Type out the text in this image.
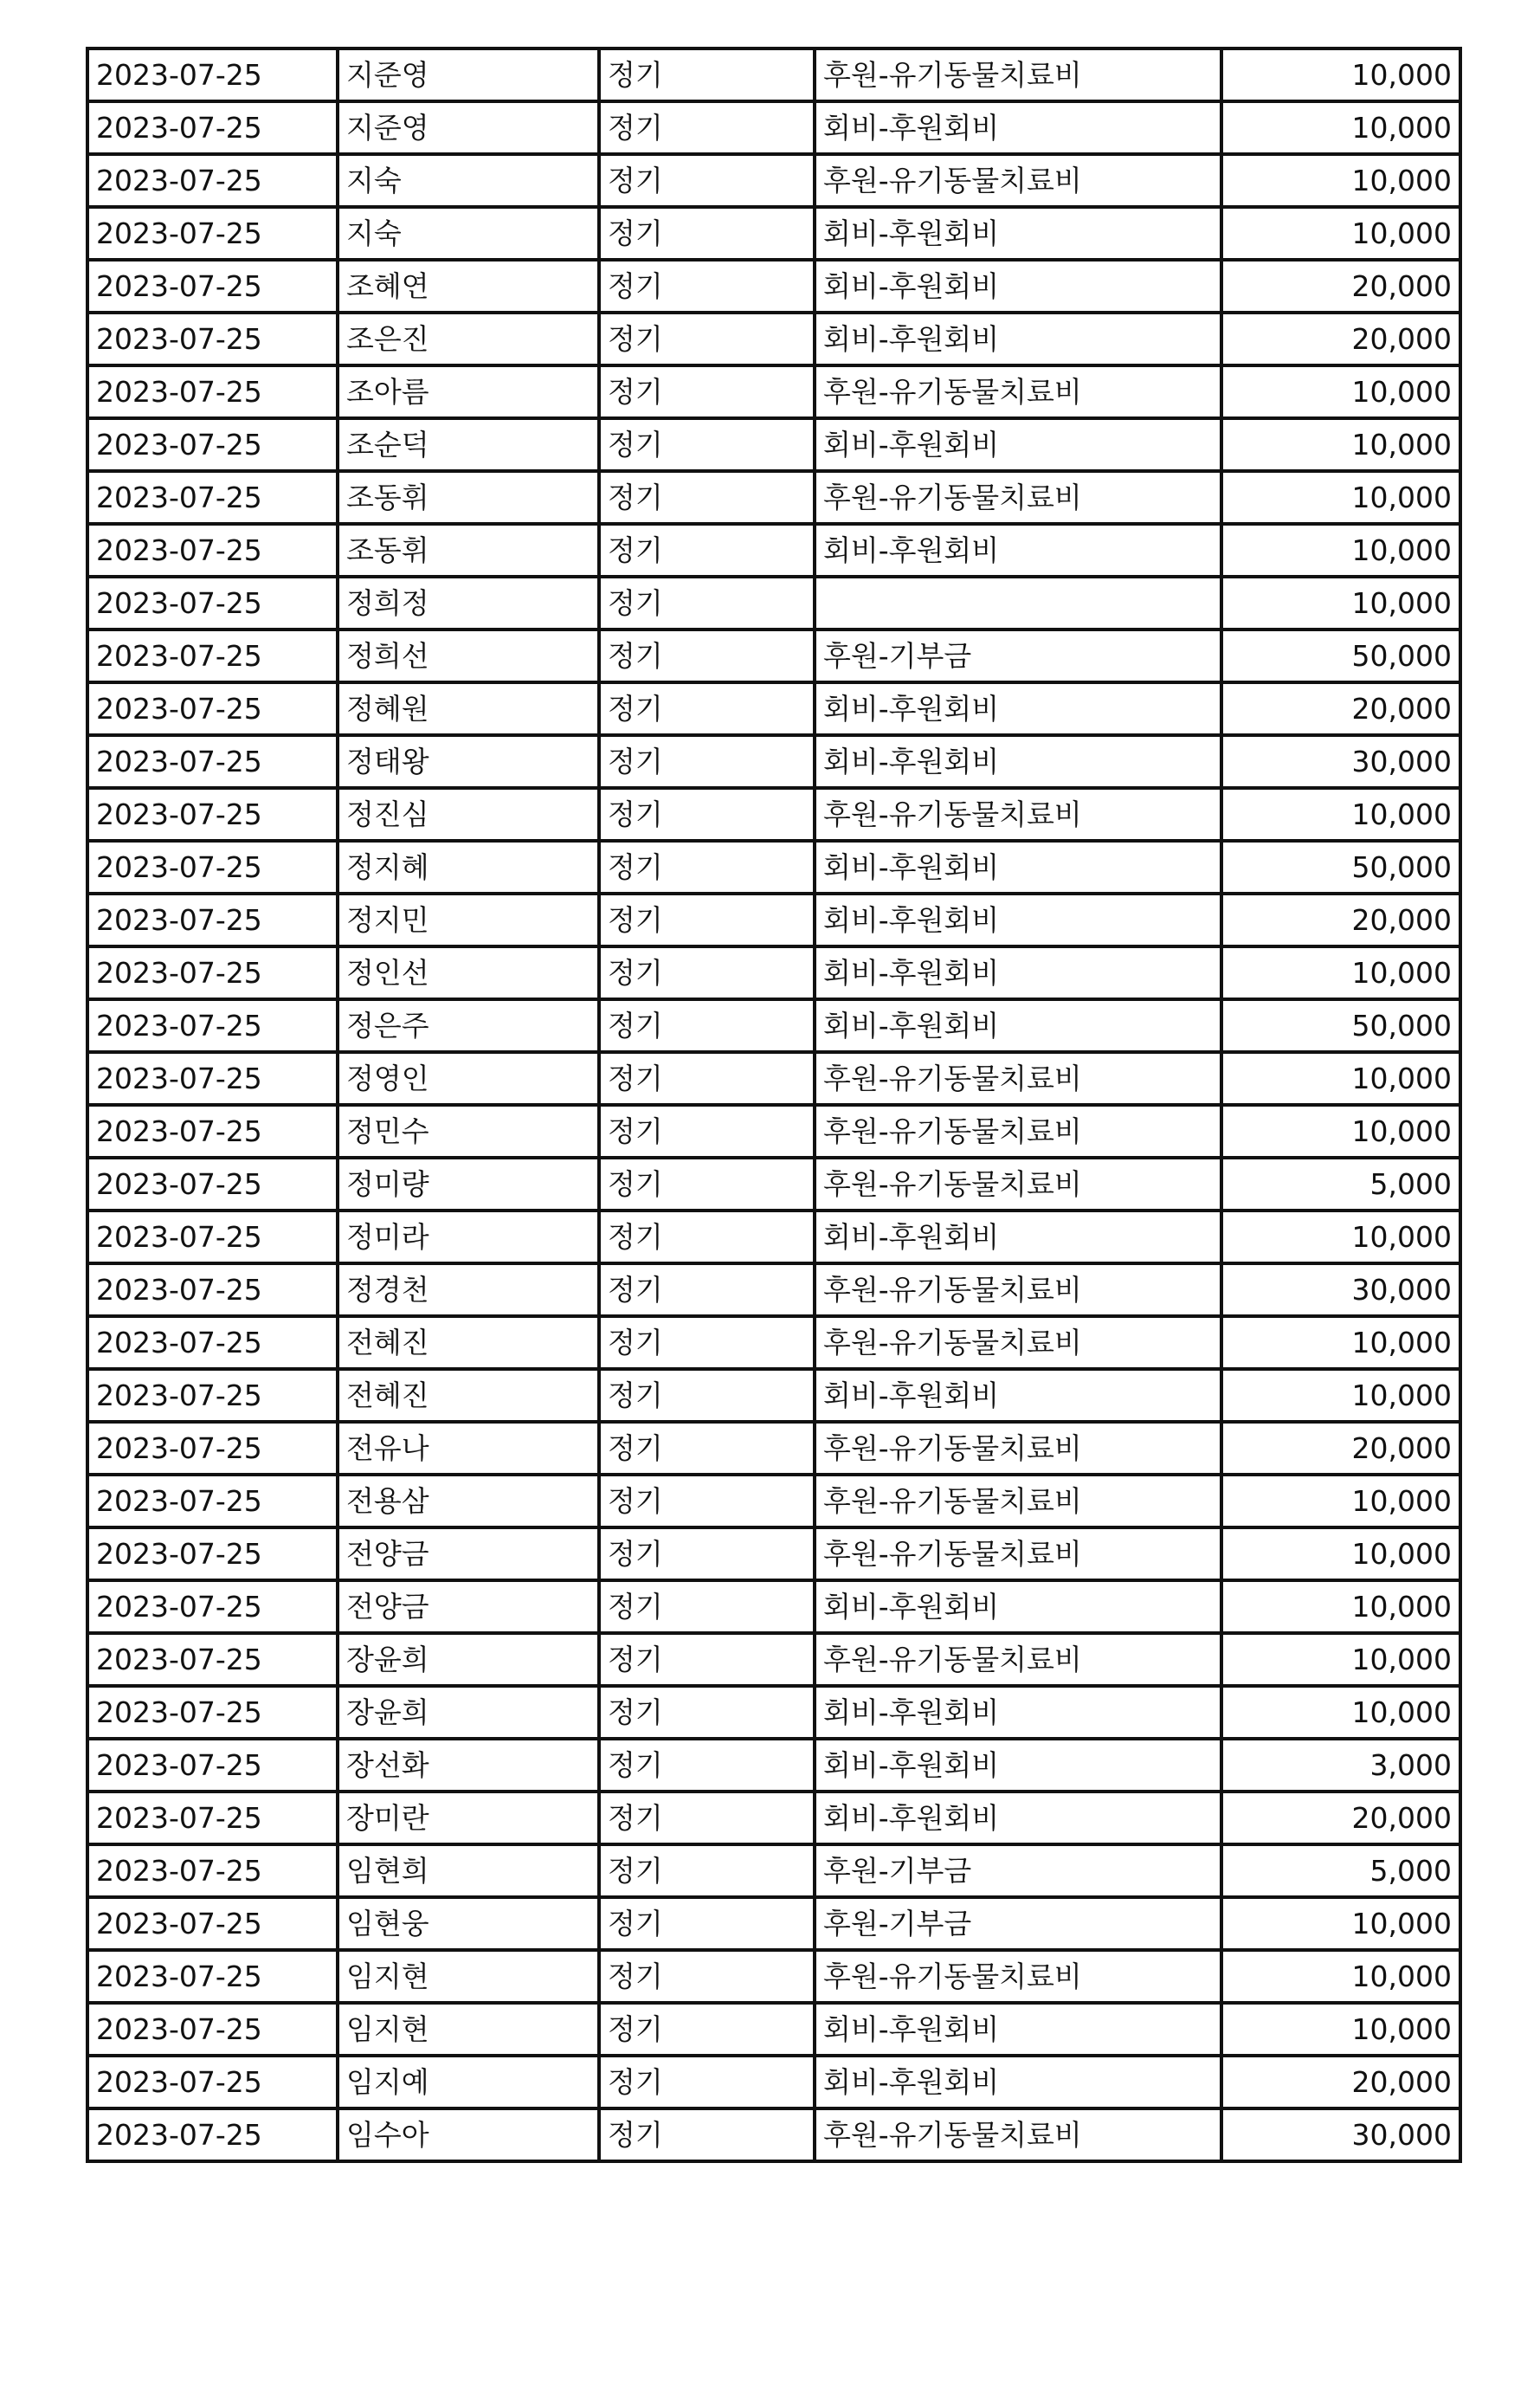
2023-07-25	지준영	정기	후원-유기동물치료비	10,000
2023-07-25	지준영	정기	회비-후원회비	10,000
2023-07-25	지숙	정기	후원-유기동물치료비	10,000
2023-07-25	지숙	정기	회비-후원회비	10,000
2023-07-25	조혜연	정기	회비-후원회비	20,000
2023-07-25	조은진	정기	회비-후원회비	20,000
2023-07-25	조아름	정기	후원-유기동물치료비	10,000
2023-07-25	조순덕	정기	회비-후원회비	10,000
2023-07-25	조동휘	정기	후원-유기동물치료비	10,000
2023-07-25	조동휘	정기	회비-후원회비	10,000
2023-07-25	정희정	정기		10,000
2023-07-25	정희선	정기	후원-기부금	50,000
2023-07-25	정혜원	정기	회비-후원회비	20,000
2023-07-25	정태왕	정기	회비-후원회비	30,000
2023-07-25	정진심	정기	후원-유기동물치료비	10,000
2023-07-25	정지혜	정기	회비-후원회비	50,000
2023-07-25	정지민	정기	회비-후원회비	20,000
2023-07-25	정인선	정기	회비-후원회비	10,000
2023-07-25	정은주	정기	회비-후원회비	50,000
2023-07-25	정영인	정기	후원-유기동물치료비	10,000
2023-07-25	정민수	정기	후원-유기동물치료비	10,000
2023-07-25	정미량	정기	후원-유기동물치료비	5,000
2023-07-25	정미라	정기	회비-후원회비	10,000
2023-07-25	정경천	정기	후원-유기동물치료비	30,000
2023-07-25	전혜진	정기	후원-유기동물치료비	10,000
2023-07-25	전혜진	정기	회비-후원회비	10,000
2023-07-25	전유나	정기	후원-유기동물치료비	20,000
2023-07-25	전용삼	정기	후원-유기동물치료비	10,000
2023-07-25	전양금	정기	후원-유기동물치료비	10,000
2023-07-25	전양금	정기	회비-후원회비	10,000
2023-07-25	장윤희	정기	후원-유기동물치료비	10,000
2023-07-25	장윤희	정기	회비-후원회비	10,000
2023-07-25	장선화	정기	회비-후원회비	3,000
2023-07-25	장미란	정기	회비-후원회비	20,000
2023-07-25	임현희	정기	후원-기부금	5,000
2023-07-25	임현웅	정기	후원-기부금	10,000
2023-07-25	임지현	정기	후원-유기동물치료비	10,000
2023-07-25	임지현	정기	회비-후원회비	10,000
2023-07-25	임지예	정기	회비-후원회비	20,000
2023-07-25	임수아	정기	후원-유기동물치료비	30,000
